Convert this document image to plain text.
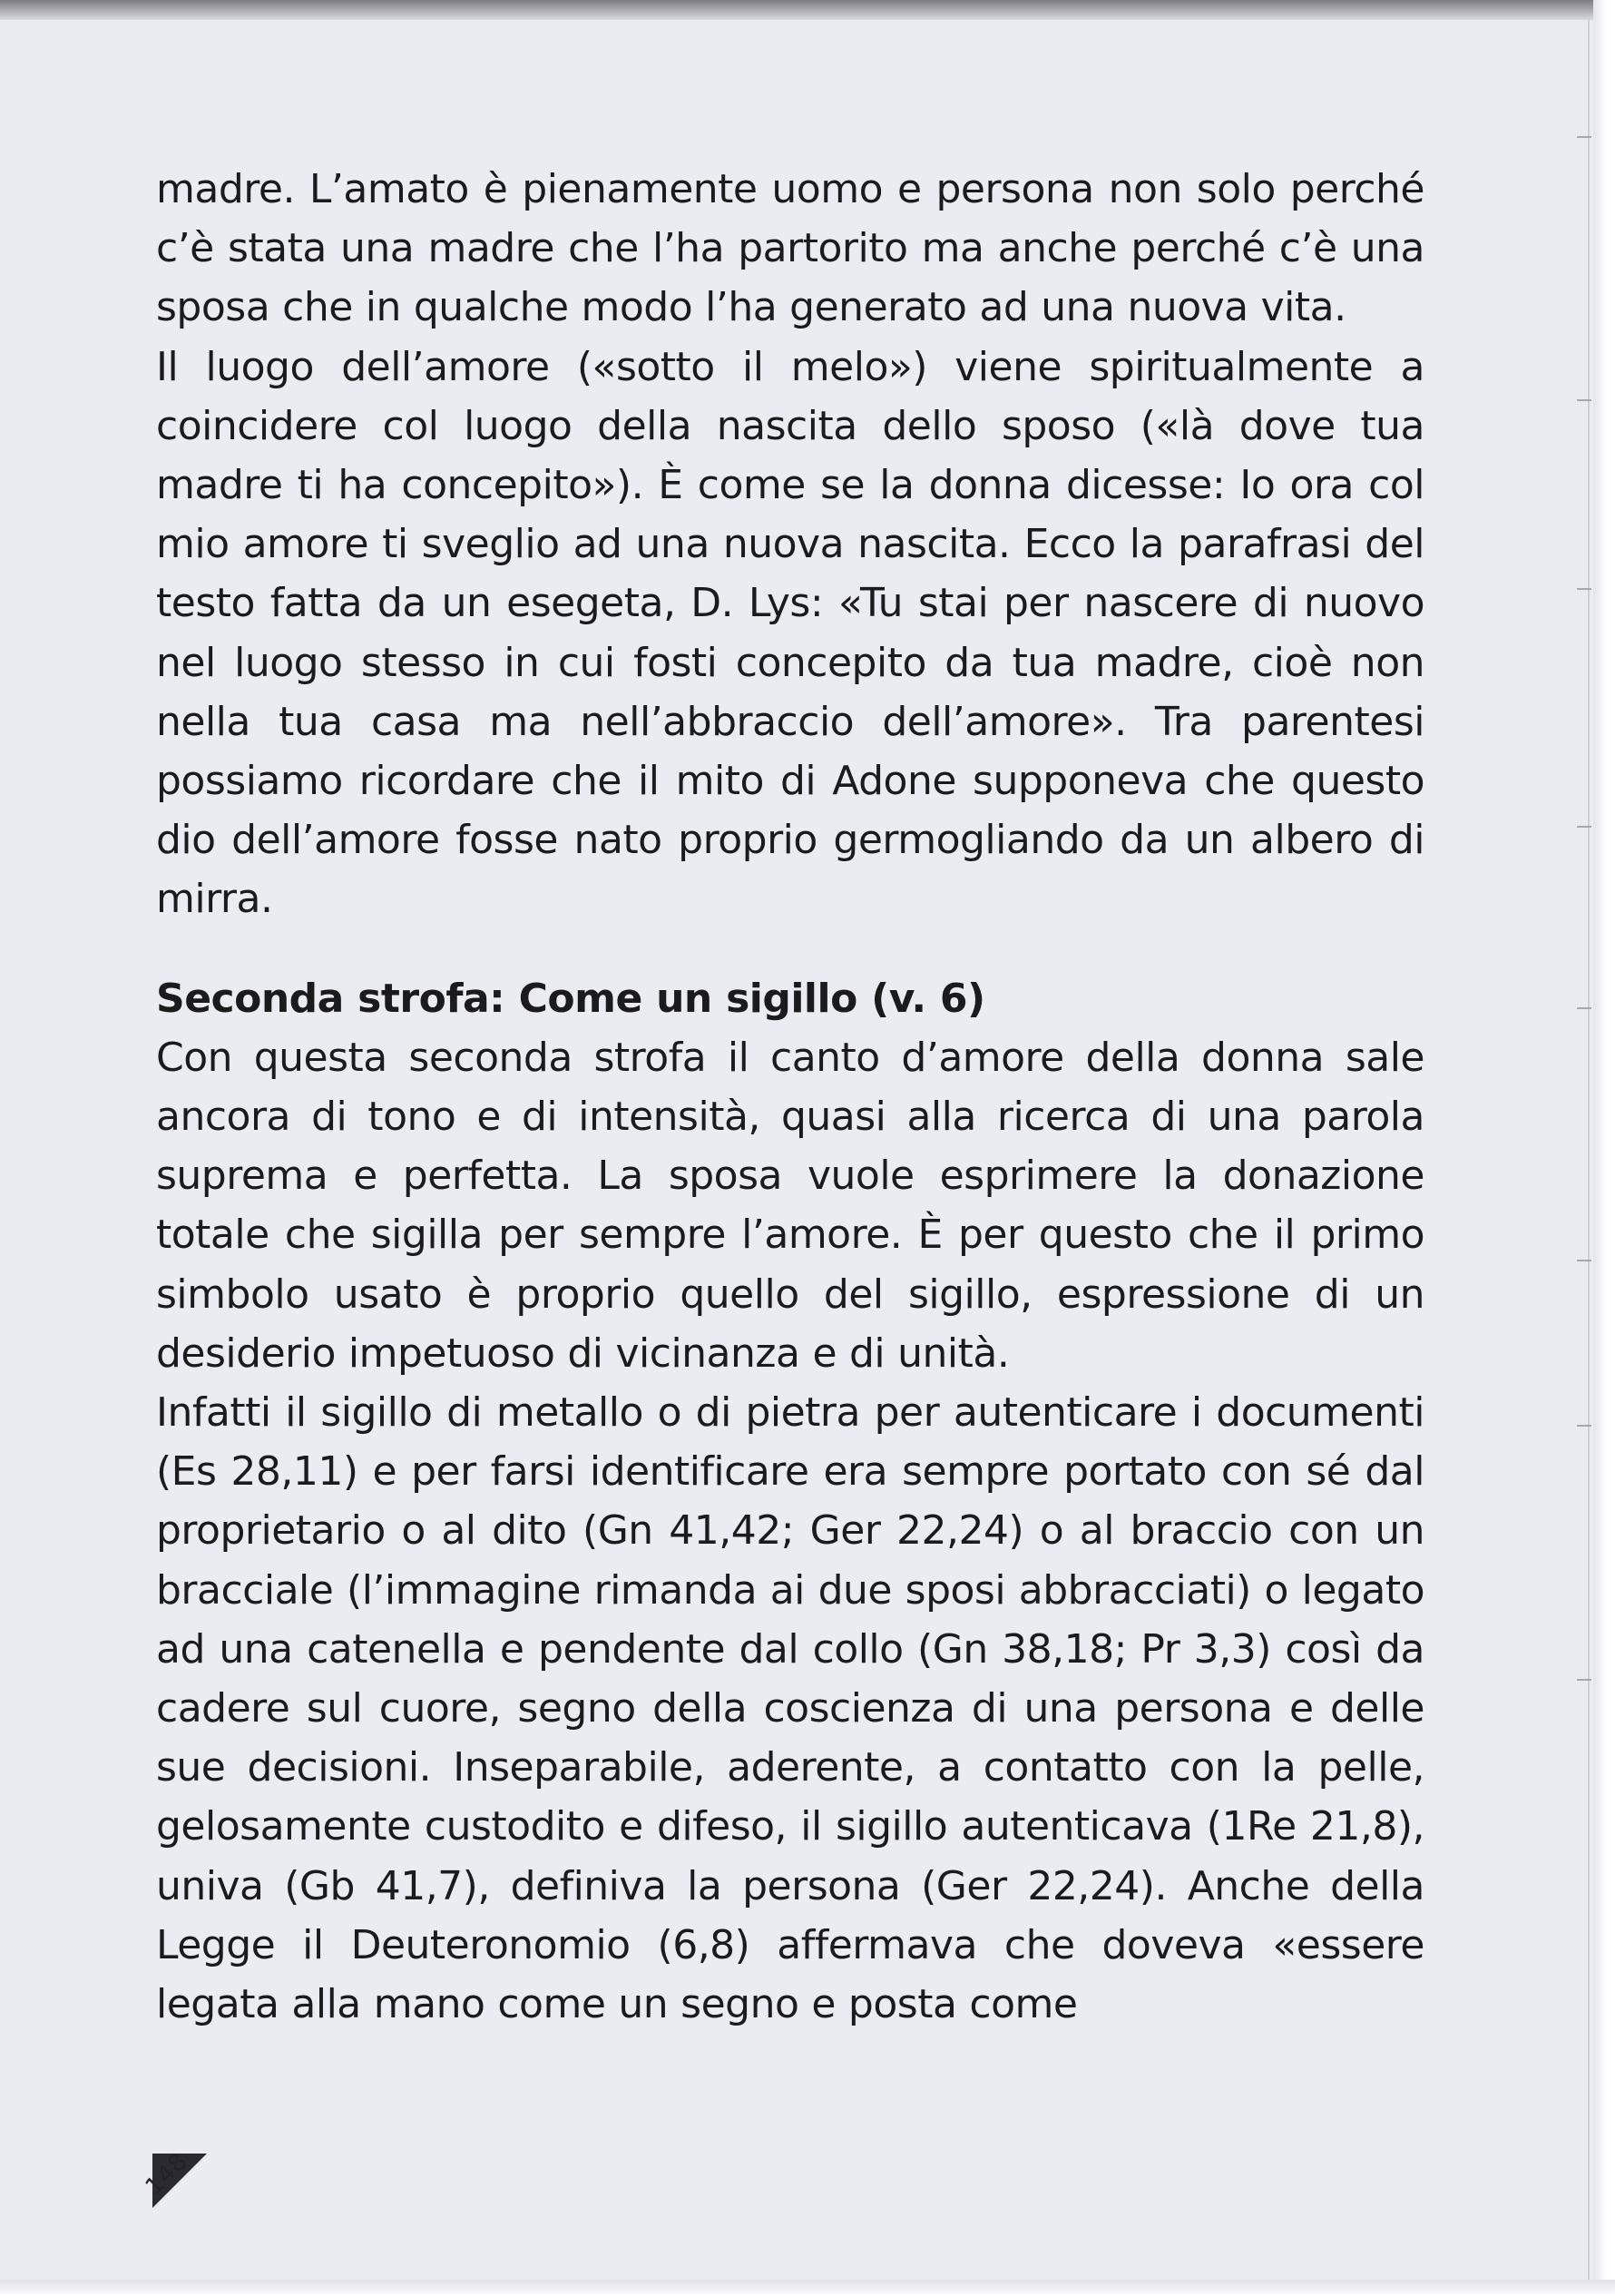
madre. L’amato è pienamente uomo e persona non solo perché c’è stata una madre che l’ha partorito ma anche perché c’è una sposa che in qualche modo l’ha generato ad una nuova vita.

Il luogo dell’amore («sotto il melo») viene spiritualmente a coincidere col luogo della nascita dello sposo («là dove tua madre ti ha concepito»). È come se la donna dicesse: Io ora col mio amore ti sveglio ad una nuova nascita. Ecco la parafrasi del testo fatta da un esegeta, D. Lys: «Tu stai per nascere di nuovo nel luogo stesso in cui fosti concepito da tua madre, cioè non nella tua casa ma nell’abbraccio dell’amore». Tra parentesi possiamo ricordare che il mito di Adone supponeva che questo dio dell’amore fosse nato proprio germogliando da un albero di mirra.

Seconda strofa: Come un sigillo (v. 6)

Con questa seconda strofa il canto d’amore della donna sale ancora di tono e di intensità, quasi alla ricerca di una parola suprema e perfetta. La sposa vuole esprimere la donazione totale che sigilla per sempre l’amore. È per questo che il primo simbolo usato è proprio quello del sigillo, espressione di un desiderio impetuoso di vicinanza e di unità.

Infatti il sigillo di metallo o di pietra per autenticare i documenti (Es 28,11) e per farsi identificare era sempre portato con sé dal proprietario o al dito (Gn 41,42; Ger 22,24) o al braccio con un bracciale (l’immagine rimanda ai due sposi abbracciati) o legato ad una catenella e pendente dal collo (Gn 38,18; Pr 3,3) così da cadere sul cuore, segno della coscienza di una persona e delle sue decisioni. Inseparabile, aderente, a contatto con la pelle, gelosamente custodito e difeso, il sigillo autenticava (1Re 21,8), univa (Gb 41,7), definiva la persona (Ger 22,24). Anche della Legge il Deuteronomio (6,8) affermava che doveva «essere legata alla mano come un segno e posta come

148
